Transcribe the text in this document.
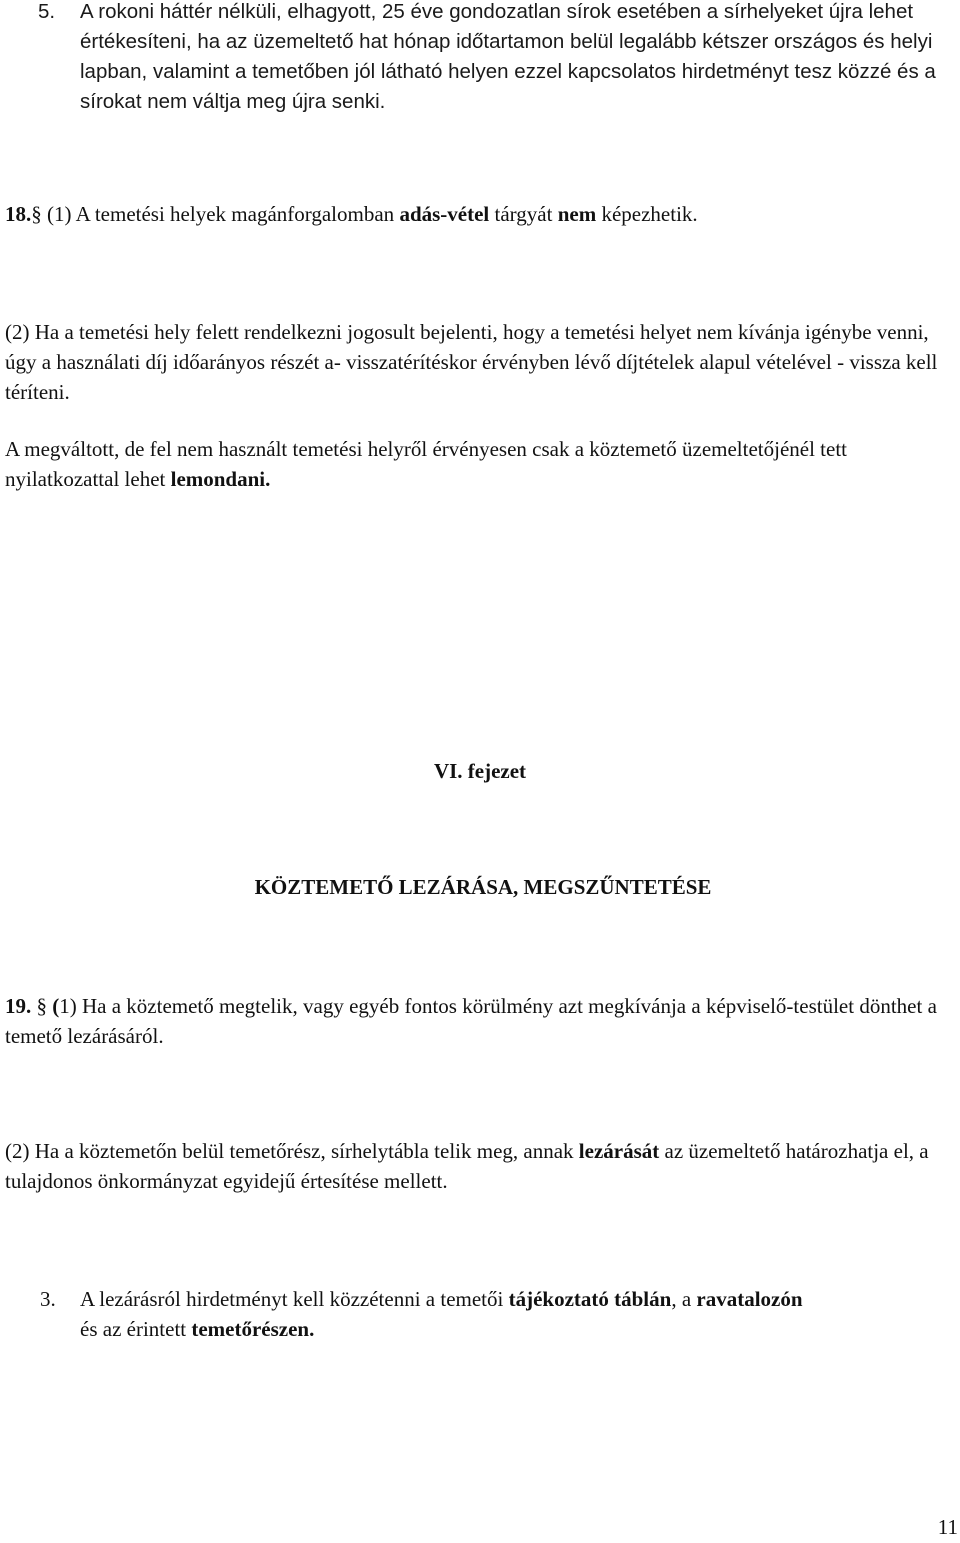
5.	A rokoni háttér nélküli, elhagyott, 25 éve gondozatlan sírok esetében a sírhelyeket újra lehet értékesíteni, ha az üzemeltető hat hónap időtartamon belül legalább kétszer országos és helyi lapban, valamint a temetőben jól látható helyen ezzel kapcsolatos hirdetményt tesz közzé és a sírokat nem váltja meg újra senki.

18.§ (1) A temetési helyek magánforgalomban adás-vétel tárgyát nem képezhetik.

(2) Ha a temetési hely felett rendelkezni jogosult bejelenti, hogy a temetési helyet nem kívánja igénybe venni, úgy a használati díj időarányos részét a- visszatérítéskor érvényben lévő díjtételek alapul vételével - vissza kell téríteni.

A megváltott, de fel nem használt temetési helyről érvényesen csak a köztemető üzemeltetőjénél tett nyilatkozattal lehet lemondani.

VI. fejezet

KÖZTEMETŐ LEZÁRÁSA, MEGSZŰNTETÉSE

19. § (1) Ha a köztemető megtelik, vagy egyéb fontos körülmény azt megkívánja a képviselő-testület dönthet a temető lezárásáról.

(2) Ha a köztemetőn belül temetőrész, sírhelytábla telik meg, annak lezárását az üzemeltető határozhatja el, a tulajdonos önkormányzat egyidejű értesítése mellett.

3.	A lezárásról hirdetményt kell közzétenni a temetői tájékoztató táblán, a ravatalozón
és az érintett temetőrészen.

11
